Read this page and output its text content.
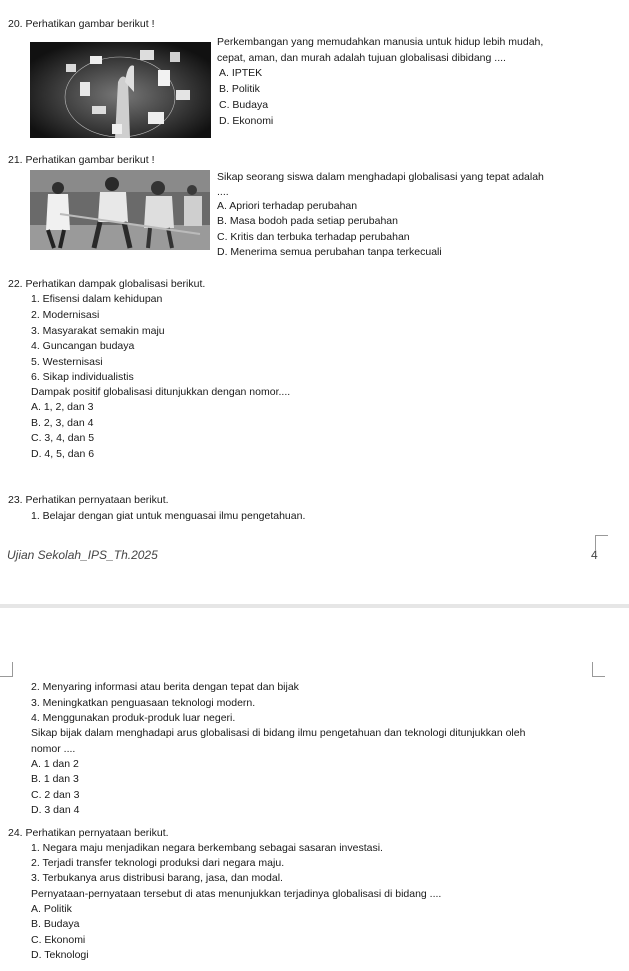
20. Perhatikan gambar berikut !
Perkembangan yang memudahkan manusia untuk hidup lebih mudah,
cepat, aman, dan murah adalah tujuan globalisasi dibidang ....
A. IPTEK
B. Politik
C. Budaya
D. Ekonomi
21. Perhatikan gambar berikut !
Sikap seorang siswa dalam menghadapi globalisasi yang tepat adalah
....
A. Apriori terhadap perubahan
B. Masa bodoh pada setiap perubahan
C. Kritis dan terbuka terhadap perubahan
D. Menerima semua perubahan tanpa terkecuali
22. Perhatikan dampak globalisasi berikut.
1. Efisensi dalam kehidupan
2. Modernisasi
3. Masyarakat semakin maju
4. Guncangan budaya
5. Westernisasi
6. Sikap individualistis
Dampak positif globalisasi ditunjukkan dengan nomor....
A. 1, 2, dan 3
B. 2, 3, dan 4
C. 3, 4, dan 5
D. 4, 5, dan 6
23. Perhatikan pernyataan berikut.
1. Belajar dengan giat untuk menguasai ilmu pengetahuan.
Ujian Sekolah_IPS_Th.2025	4
2. Menyaring informasi atau berita dengan tepat dan bijak
3. Meningkatkan penguasaan teknologi modern.
4. Menggunakan produk-produk luar negeri.
Sikap bijak dalam menghadapi arus globalisasi di bidang ilmu pengetahuan dan teknologi ditunjukkan oleh
nomor ....
A. 1 dan 2
B. 1 dan 3
C. 2 dan 3
D. 3 dan 4
24. Perhatikan pernyataan berikut.
1. Negara maju menjadikan negara berkembang sebagai sasaran investasi.
2. Terjadi transfer teknologi produksi dari negara maju.
3. Terbukanya arus distribusi barang, jasa, dan modal.
Pernyataan-pernyataan tersebut di atas menunjukkan terjadinya globalisasi di bidang ....
A. Politik
B. Budaya
C. Ekonomi
D. Teknologi
